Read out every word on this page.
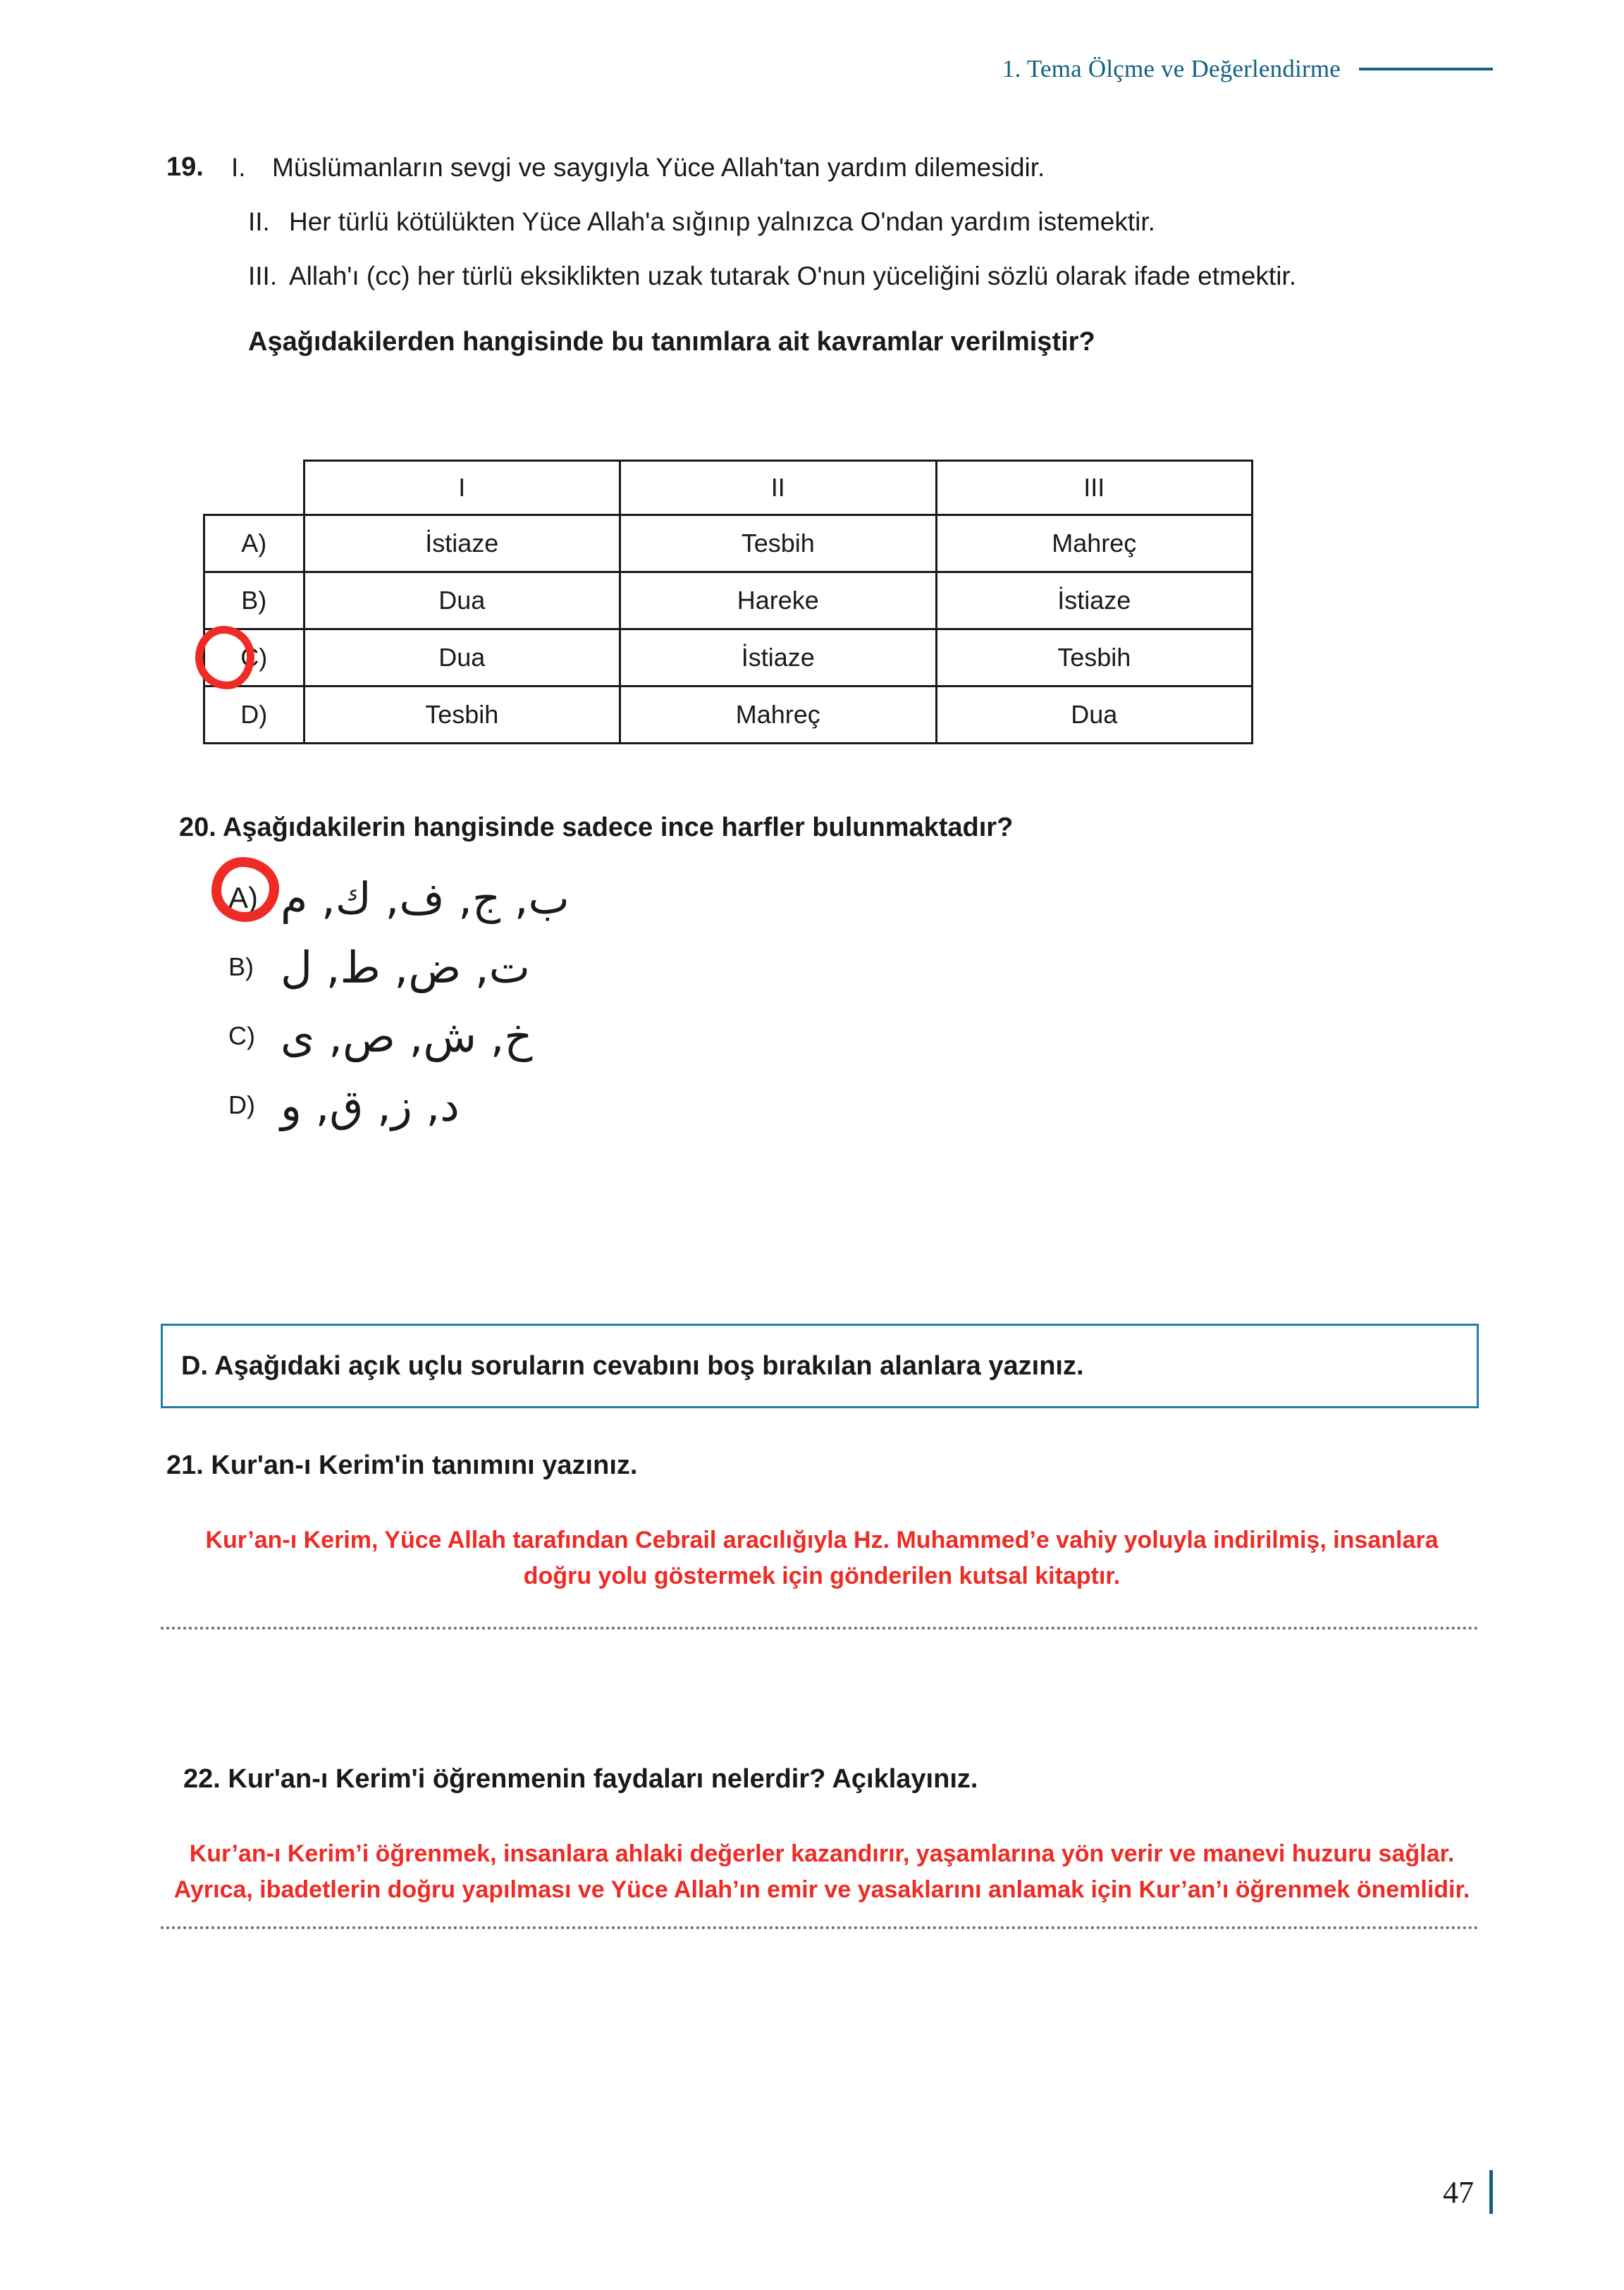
1. Tema Ölçme ve Değerlendirme
19.	I.	Müslümanların sevgi ve saygıyla Yüce Allah'tan yardım dilemesidir.
II. Her türlü kötülükten Yüce Allah'a sığınıp yalnızca O'ndan yardım istemektir.
III. Allah'ı (cc) her türlü eksiklikten uzak tutarak O'nun yüceliğini sözlü olarak ifade etmektir.
Aşağıdakilerden hangisinde bu tanımlara ait kavramlar verilmiştir?
	I	II	III
A)	İstiaze	Tesbih	Mahreç
B)	Dua	Hareke	İstiaze
C)	Dua	İstiaze	Tesbih
D)	Tesbih	Mahreç	Dua
20. Aşağıdakilerin hangisinde sadece ince harfler bulunmaktadır?
A) ب, ج, ف, ك, م
B) ت, ض, ط, ل
C) خ, ش, ص, ى
D) د, ز, ق, و
D. Aşağıdaki açık uçlu soruların cevabını boş bırakılan alanlara yazınız.
21. Kur'an-ı Kerim'in tanımını yazınız.
Kur’an-ı Kerim, Yüce Allah tarafından Cebrail aracılığıyla Hz. Muhammed’e vahiy yoluyla indirilmiş, insanlara doğru yolu göstermek için gönderilen kutsal kitaptır.
22. Kur'an-ı Kerim'i öğrenmenin faydaları nelerdir? Açıklayınız.
Kur’an-ı Kerim’i öğrenmek, insanlara ahlaki değerler kazandırır, yaşamlarına yön verir ve manevi huzuru sağlar. Ayrıca, ibadetlerin doğru yapılması ve Yüce Allah’ın emir ve yasaklarını anlamak için Kur’an’ı öğrenmek önemlidir.
47
